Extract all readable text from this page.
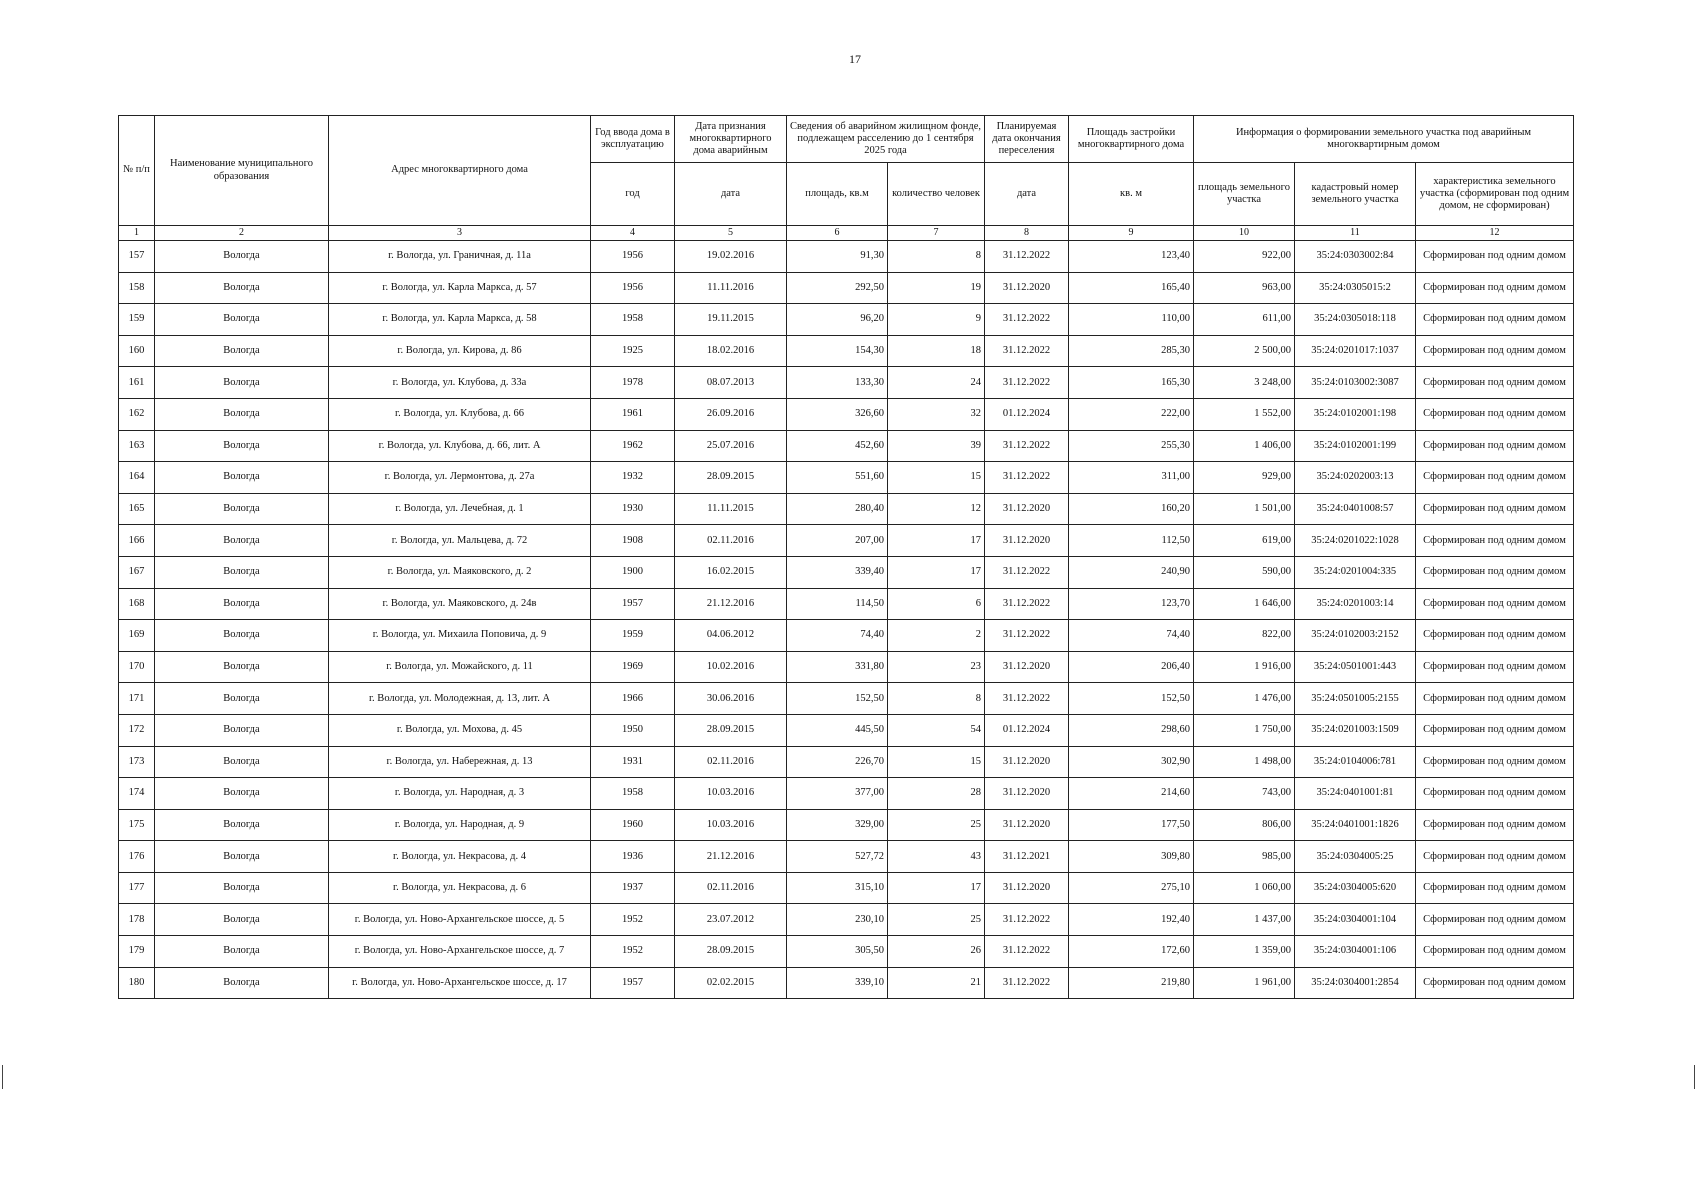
17
№ п/п	Наименование муниципального образования	Адрес многоквартирного дома	Год ввода дома в эксплуатацию	Дата признания многоквартирного дома аварийным	Сведения об аварийном жилищном фонде, подлежащем расселению до 1 сентября 2025 года		Планируемая дата окончания переселения	Площадь застройки многоквартирного дома	Информация о формировании земельного участка под аварийным многоквартирным домом		
									площадь земельного участка	кадастровый номер земельного участка	характеристика земельного участка (сформирован под одним домом, не сформирован)
			год	дата	площадь, кв.м	количество человек	дата	кв. м			
1	2	3	4	5	6	7	8	9	10	11	12
157	Вологда	г. Вологда, ул. Граничная, д. 11а	1956	19.02.2016	91,30	8	31.12.2022	123,40	922,00	35:24:0303002:84	Сформирован под одним домом
158	Вологда	г. Вологда, ул. Карла Маркса, д. 57	1956	11.11.2016	292,50	19	31.12.2020	165,40	963,00	35:24:0305015:2	Сформирован под одним домом
159	Вологда	г. Вологда, ул. Карла Маркса, д. 58	1958	19.11.2015	96,20	9	31.12.2022	110,00	611,00	35:24:0305018:118	Сформирован под одним домом
160	Вологда	г. Вологда, ул. Кирова, д. 86	1925	18.02.2016	154,30	18	31.12.2022	285,30	2 500,00	35:24:0201017:1037	Сформирован под одним домом
161	Вологда	г. Вологда, ул. Клубова, д. 33а	1978	08.07.2013	133,30	24	31.12.2022	165,30	3 248,00	35:24:0103002:3087	Сформирован под одним домом
162	Вологда	г. Вологда, ул. Клубова, д. 66	1961	26.09.2016	326,60	32	01.12.2024	222,00	1 552,00	35:24:0102001:198	Сформирован под одним домом
163	Вологда	г. Вологда, ул. Клубова, д. 66, лит. А	1962	25.07.2016	452,60	39	31.12.2022	255,30	1 406,00	35:24:0102001:199	Сформирован под одним домом
164	Вологда	г. Вологда, ул. Лермонтова, д. 27а	1932	28.09.2015	551,60	15	31.12.2022	311,00	929,00	35:24:0202003:13	Сформирован под одним домом
165	Вологда	г. Вологда, ул. Лечебная, д. 1	1930	11.11.2015	280,40	12	31.12.2020	160,20	1 501,00	35:24:0401008:57	Сформирован под одним домом
166	Вологда	г. Вологда, ул. Мальцева, д. 72	1908	02.11.2016	207,00	17	31.12.2020	112,50	619,00	35:24:0201022:1028	Сформирован под одним домом
167	Вологда	г. Вологда, ул. Маяковского, д. 2	1900	16.02.2015	339,40	17	31.12.2022	240,90	590,00	35:24:0201004:335	Сформирован под одним домом
168	Вологда	г. Вологда, ул. Маяковского, д. 24в	1957	21.12.2016	114,50	6	31.12.2022	123,70	1 646,00	35:24:0201003:14	Сформирован под одним домом
169	Вологда	г. Вологда, ул. Михаила Поповича, д. 9	1959	04.06.2012	74,40	2	31.12.2022	74,40	822,00	35:24:0102003:2152	Сформирован под одним домом
170	Вологда	г. Вологда, ул. Можайского, д. 11	1969	10.02.2016	331,80	23	31.12.2020	206,40	1 916,00	35:24:0501001:443	Сформирован под одним домом
171	Вологда	г. Вологда, ул. Молодежная, д. 13, лит. А	1966	30.06.2016	152,50	8	31.12.2022	152,50	1 476,00	35:24:0501005:2155	Сформирован под одним домом
172	Вологда	г. Вологда, ул. Мохова, д. 45	1950	28.09.2015	445,50	54	01.12.2024	298,60	1 750,00	35:24:0201003:1509	Сформирован под одним домом
173	Вологда	г. Вологда, ул. Набережная, д. 13	1931	02.11.2016	226,70	15	31.12.2020	302,90	1 498,00	35:24:0104006:781	Сформирован под одним домом
174	Вологда	г. Вологда, ул. Народная, д. 3	1958	10.03.2016	377,00	28	31.12.2020	214,60	743,00	35:24:0401001:81	Сформирован под одним домом
175	Вологда	г. Вологда, ул. Народная, д. 9	1960	10.03.2016	329,00	25	31.12.2020	177,50	806,00	35:24:0401001:1826	Сформирован под одним домом
176	Вологда	г. Вологда, ул. Некрасова, д. 4	1936	21.12.2016	527,72	43	31.12.2021	309,80	985,00	35:24:0304005:25	Сформирован под одним домом
177	Вологда	г. Вологда, ул. Некрасова, д. 6	1937	02.11.2016	315,10	17	31.12.2020	275,10	1 060,00	35:24:0304005:620	Сформирован под одним домом
178	Вологда	г. Вологда, ул. Ново-Архангельское шоссе, д. 5	1952	23.07.2012	230,10	25	31.12.2022	192,40	1 437,00	35:24:0304001:104	Сформирован под одним домом
179	Вологда	г. Вологда, ул. Ново-Архангельское шоссе, д. 7	1952	28.09.2015	305,50	26	31.12.2022	172,60	1 359,00	35:24:0304001:106	Сформирован под одним домом
180	Вологда	г. Вологда, ул. Ново-Архангельское шоссе, д. 17	1957	02.02.2015	339,10	21	31.12.2022	219,80	1 961,00	35:24:0304001:2854	Сформирован под одним домом
